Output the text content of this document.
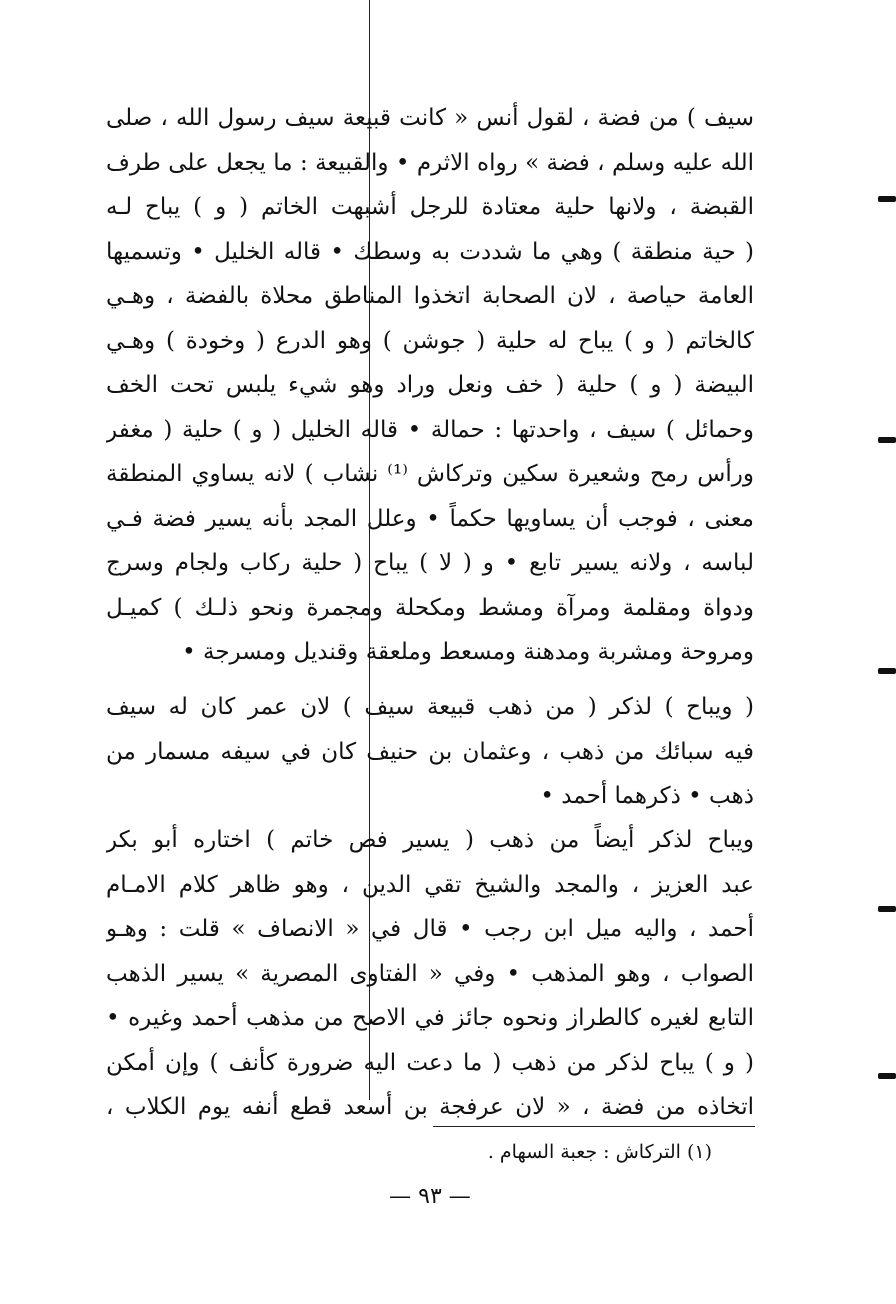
سيف ) من فضة ، لقول أنس « كانت قبيعة سيف رسول الله ، صلى
الله عليه وسلم ، فضة » رواه الاثرم • والقبيعة : ما يجعل على طرف
القبضة ، ولانها حلية معتادة للرجل أشبهت الخاتم ( و ) يباح لـه
( حية منطقة ) وهي ما شددت به وسطك • قاله الخليل • وتسميها
العامة حياصة ، لان الصحابة اتخذوا المناطق محلاة بالفضة ، وهـي
كالخاتم ( و ) يباح له حلية ( جوشن ) وهو الدرع ( وخودة ) وهـي
البيضة ( و ) حلية ( خف ونعل وراد وهو شيء يلبس تحت الخف
وحمائل ) سيف ، واحدتها : حمالة • قاله الخليل ( و ) حلية ( مغفر
ورأس رمح وشعيرة سكين وتركاش ⁽¹⁾ نشاب ) لانه يساوي المنطقة
معنى ، فوجب أن يساويها حكماً • وعلل المجد بأنه يسير فضة فـي
لباسه ، ولانه يسير تابع • و ( لا ) يباح ( حلية ركاب ولجام وسرج
ودواة ومقلمة ومرآة ومشط ومكحلة ومجمرة ونحو ذلـك ) كميـل
ومروحة ومشربة ومدهنة ومسعط وملعقة وقنديل ومسرجة •
( ويباح ) لذكر ( من ذهب قبيعة سيف ) لان عمر كان له سيف
فيه سبائك من ذهب ، وعثمان بن حنيف كان في سيفه مسمار من
ذهب • ذكرهما أحمد •
ويباح لذكر أيضاً من ذهب ( يسير فص خاتم ) اختاره أبو بكر
عبد العزيز ، والمجد والشيخ تقي الدين ، وهو ظاهر كلام الامـام
أحمد ، واليه ميل ابن رجب • قال في « الانصاف » قلت : وهـو
الصواب ، وهو المذهب • وفي « الفتاوى المصرية » يسير الذهب
التابع لغيره كالطراز ونحوه جائز في الاصح من مذهب أحمد وغيره •
( و ) يباح لذكر من ذهب ( ما دعت اليه ضرورة كأنف ) وإن أمكن
اتخاذه من فضة ، « لان عرفجة بن أسعد قطع أنفه يوم الكلاب ،
(١) التركاش : جعبة السهام .
— ٩٣ —
